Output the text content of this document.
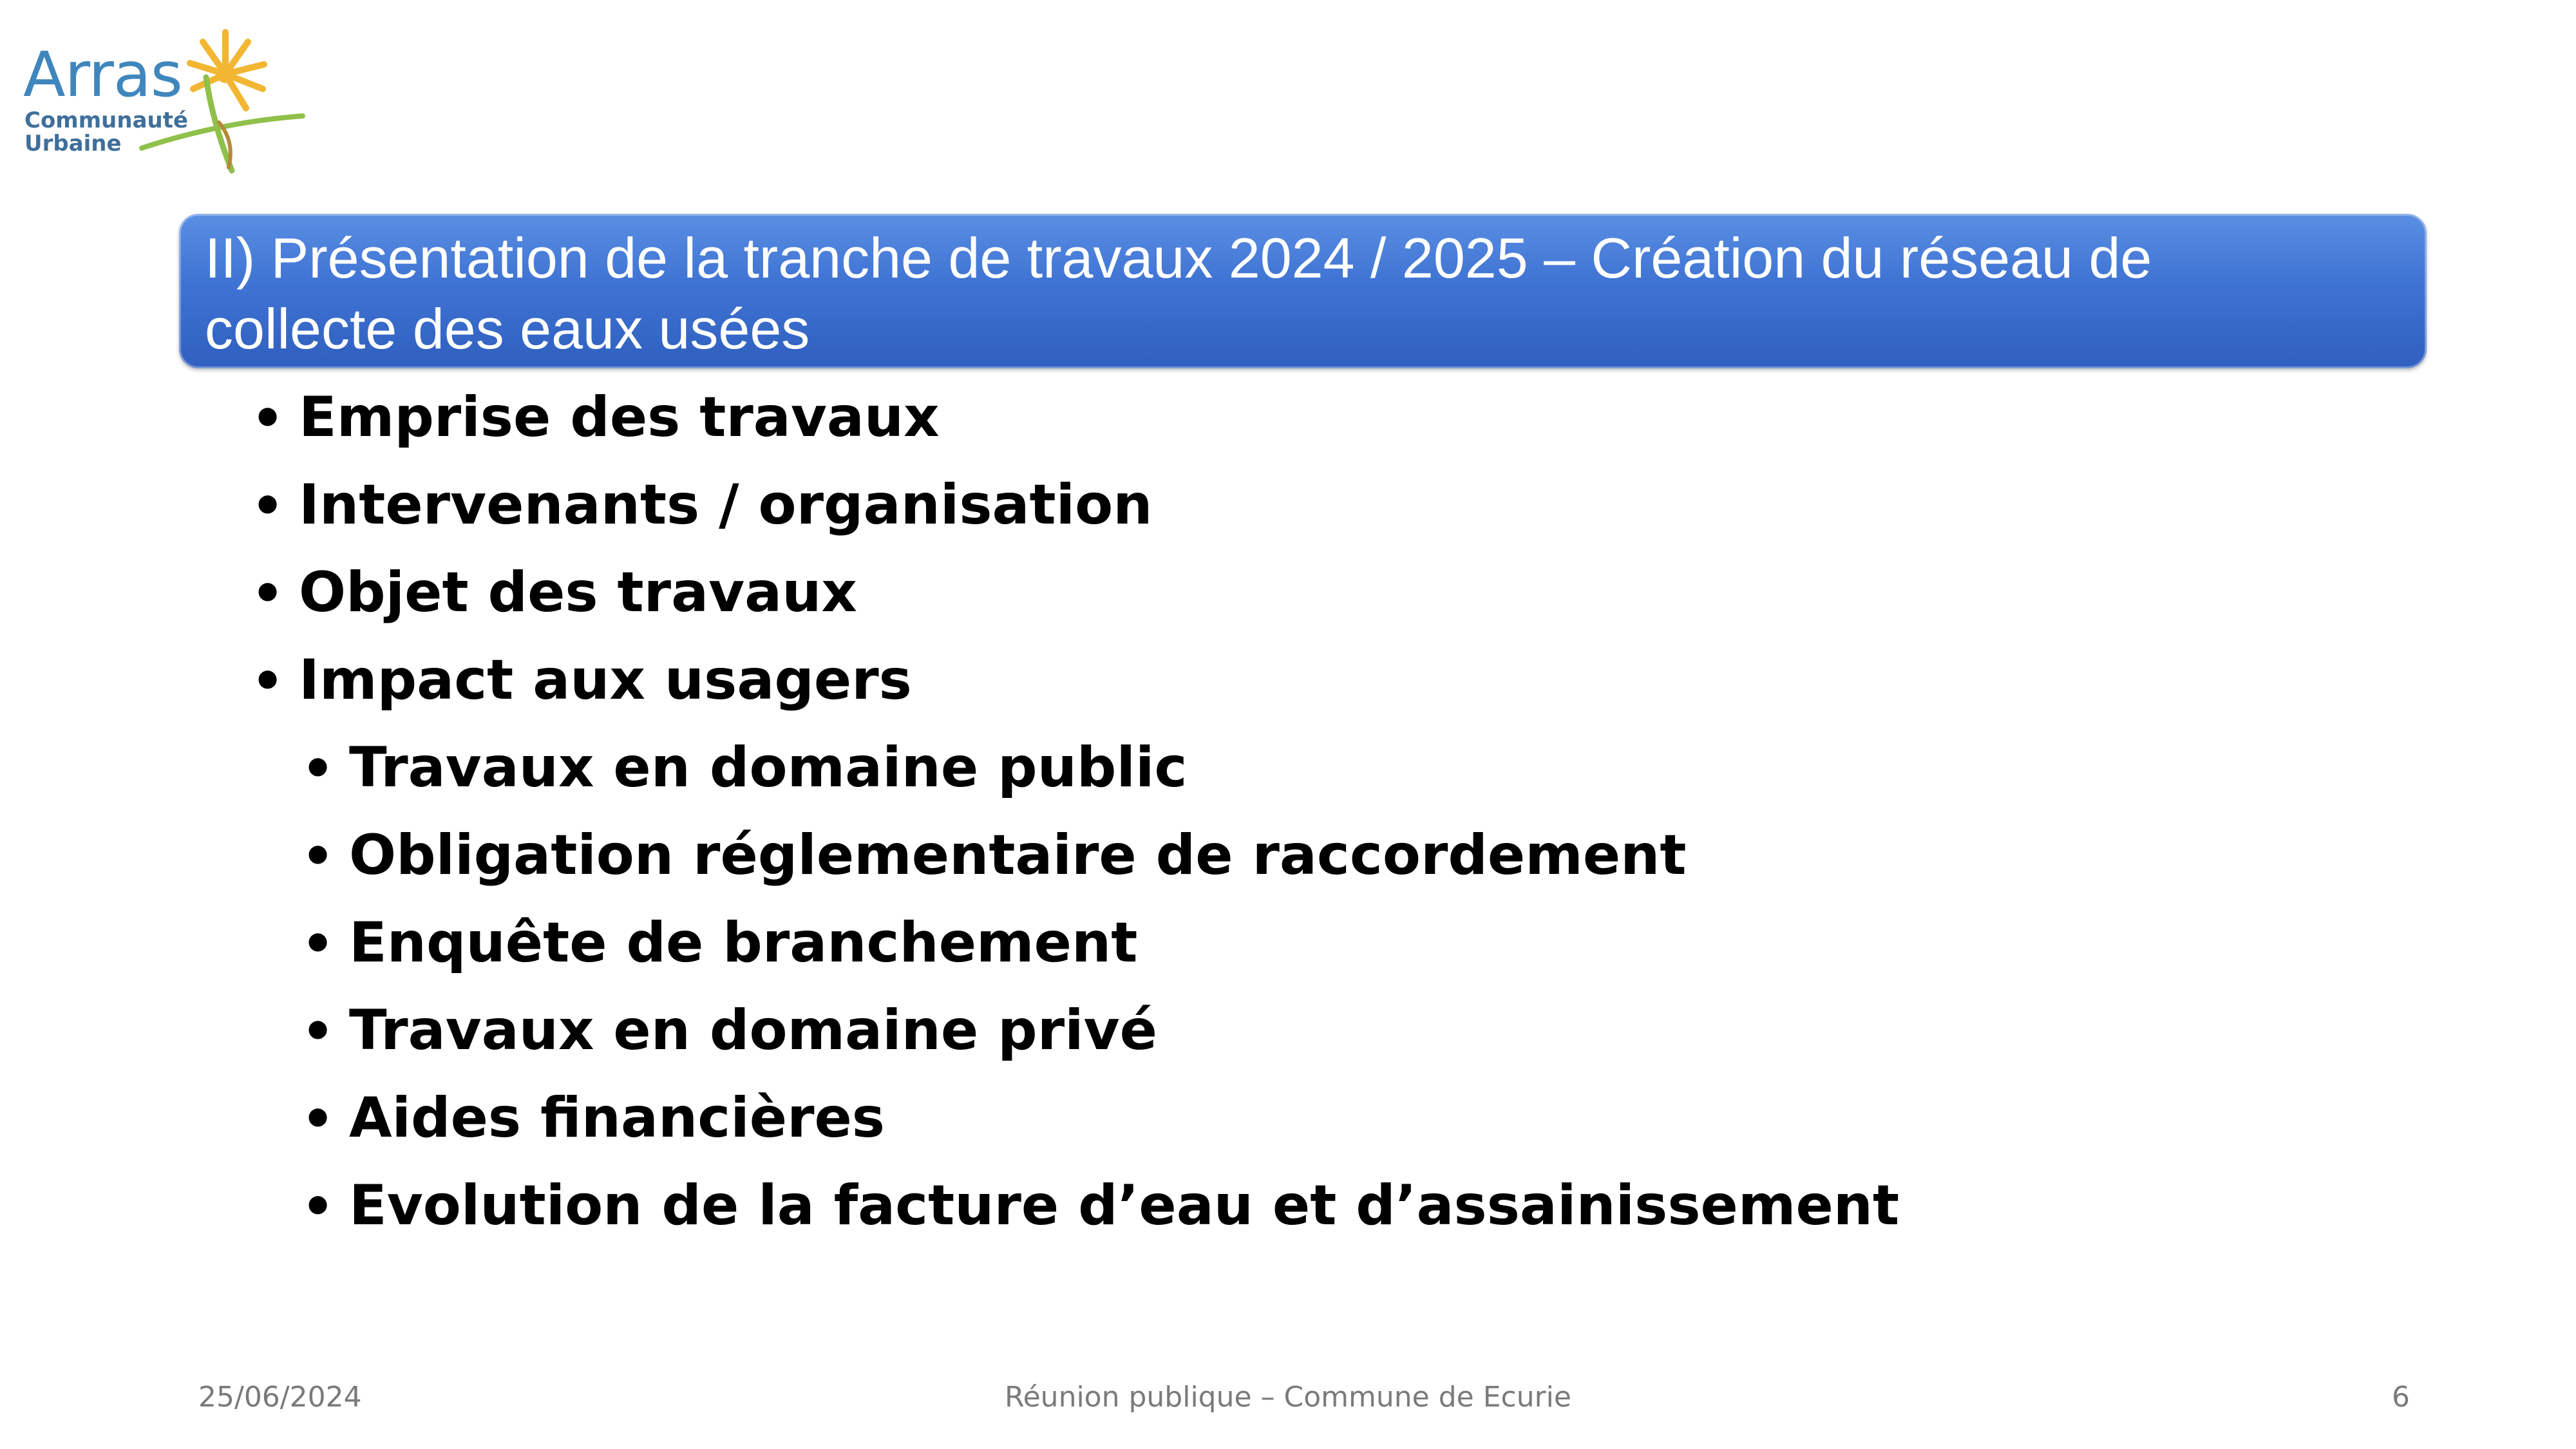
Arras
Communauté
Urbaine

II) Présentation de la tranche de travaux 2024 / 2025 – Création du réseau de

collecte des eaux usées

• Emprise des travaux
• Intervenants / organisation
• Objet des travaux
• Impact aux usagers
• Travaux en domaine public
• Obligation réglementaire de raccordement
• Enquête de branchement
• Travaux en domaine privé
• Aides financières
• Evolution de la facture d’eau et d’assainissement
25/06/2024	Réunion publique – Commune de Ecurie	6
